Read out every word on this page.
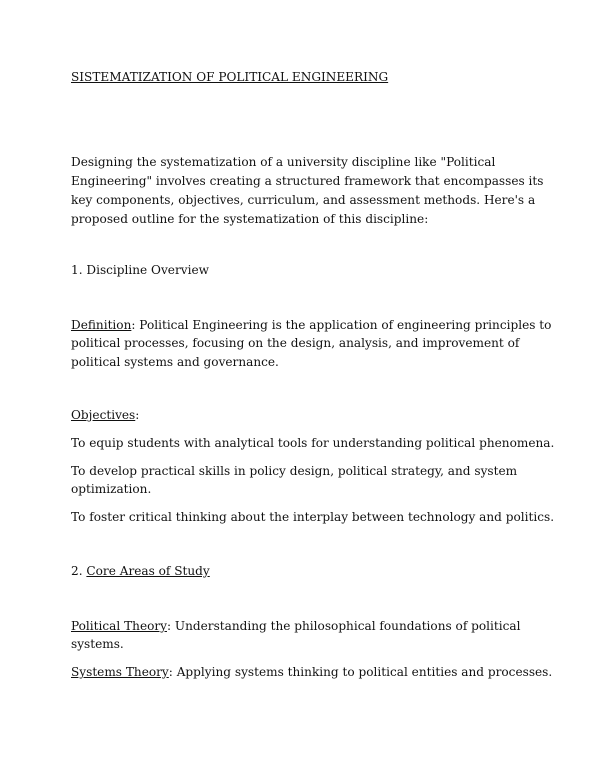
SISTEMATIZATION OF POLITICAL ENGINEERING

Designing the systematization of a university discipline like "Political

Engineering" involves creating a structured framework that encompasses its

key components, objectives, curriculum, and assessment methods. Here's a

proposed outline for the systematization of this discipline:

1. Discipline Overview

Definition: Political Engineering is the application of engineering principles to

political processes, focusing on the design, analysis, and improvement of

political systems and governance.

Objectives:

To equip students with analytical tools for understanding political phenomena.

To develop practical skills in policy design, political strategy, and system

optimization.

To foster critical thinking about the interplay between technology and politics.

2. Core Areas of Study

Political Theory: Understanding the philosophical foundations of political

systems.

Systems Theory: Applying systems thinking to political entities and processes.
